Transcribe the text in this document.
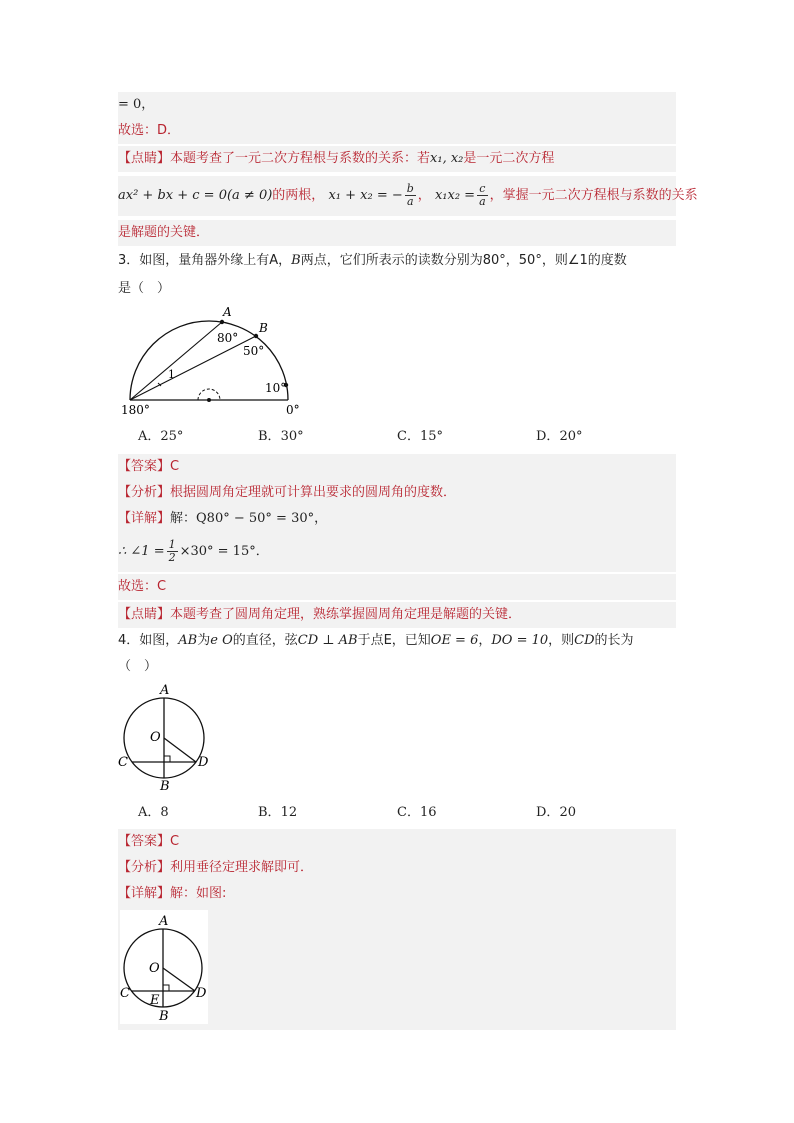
= 0，
故选：D．
【点睛】本题考查了一元二次方程根与系数的关系：若x₁, x₂是一元二次方程
ax² + bx + c = 0(a ≠ 0)的两根， x₁ + x₂ = − $\frac{b}{a}$ ， $x_1x_2 = \frac{c}{a}$ ，掌握一元二次方程根与系数的关系
是解题的关键．
3．如图，量角器外缘上有A，B两点，它们所表示的读数分别为80°，50°，则∠1的度数
是（　）
A
B
80°
50°
1
10°
180°	0°
A．25°	B．30°	C．15°	D．20°
【答案】C
【分析】根据圆周角定理就可计算出要求的圆周角的度数．
【详解】解：Q80° − 50° = 30°，
∴ ∠1 = $\frac{1}{2} \times 30^\circ = 15^\circ$．
故选：C
【点睛】本题考查了圆周角定理，熟练掌握圆周角定理是解题的关键．
4．如图，AB为e O的直径，弦CD ⊥ AB于点E，已知OE = 6，DO = 10，则CD的长为
（　）
A
O
C	D
B
A．8	B．12	C．16	D．20
【答案】C
【分析】利用垂径定理求解即可．
【详解】解：如图:
A
O
C E	D
B
